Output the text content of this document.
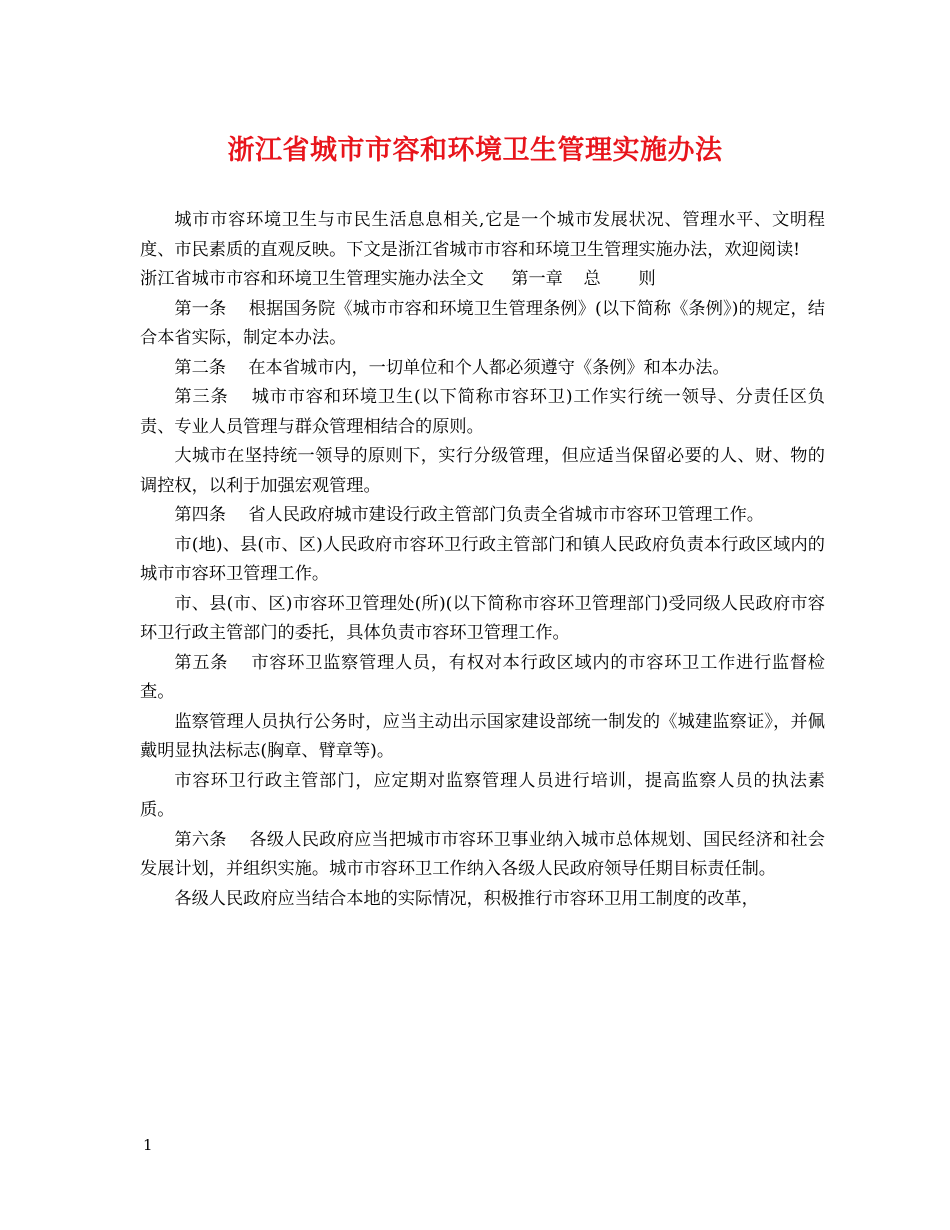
浙江省城市市容和环境卫生管理实施办法

城市市容环境卫生与市民生活息息相关,它是一个城市发展状况、管理水平、文明程度、市民素质的直观反映。下文是浙江省城市市容和环境卫生管理实施办法，欢迎阅读!

浙江省城市市容和环境卫生管理实施办法全文 第一章 总 则

第一条 根据国务院《城市市容和环境卫生管理条例》(以下简称《条例》)的规定，结合本省实际，制定本办法。

第二条 在本省城市内，一切单位和个人都必须遵守《条例》和本办法。

第三条 城市市容和环境卫生(以下简称市容环卫)工作实行统一领导、分责任区负责、专业人员管理与群众管理相结合的原则。

大城市在坚持统一领导的原则下，实行分级管理，但应适当保留必要的人、财、物的调控权，以利于加强宏观管理。

第四条 省人民政府城市建设行政主管部门负责全省城市市容环卫管理工作。

市(地)、县(市、区)人民政府市容环卫行政主管部门和镇人民政府负责本行政区域内的城市市容环卫管理工作。

市、县(市、区)市容环卫管理处(所)(以下简称市容环卫管理部门)受同级人民政府市容环卫行政主管部门的委托，具体负责市容环卫管理工作。

第五条 市容环卫监察管理人员，有权对本行政区域内的市容环卫工作进行监督检查。

监察管理人员执行公务时，应当主动出示国家建设部统一制发的《城建监察证》，并佩戴明显执法标志(胸章、臂章等)。

市容环卫行政主管部门，应定期对监察管理人员进行培训，提高监察人员的执法素质。

第六条 各级人民政府应当把城市市容环卫事业纳入城市总体规划、国民经济和社会发展计划，并组织实施。城市市容环卫工作纳入各级人民政府领导任期目标责任制。

各级人民政府应当结合本地的实际情况，积极推行市容环卫用工制度的改革，

1
